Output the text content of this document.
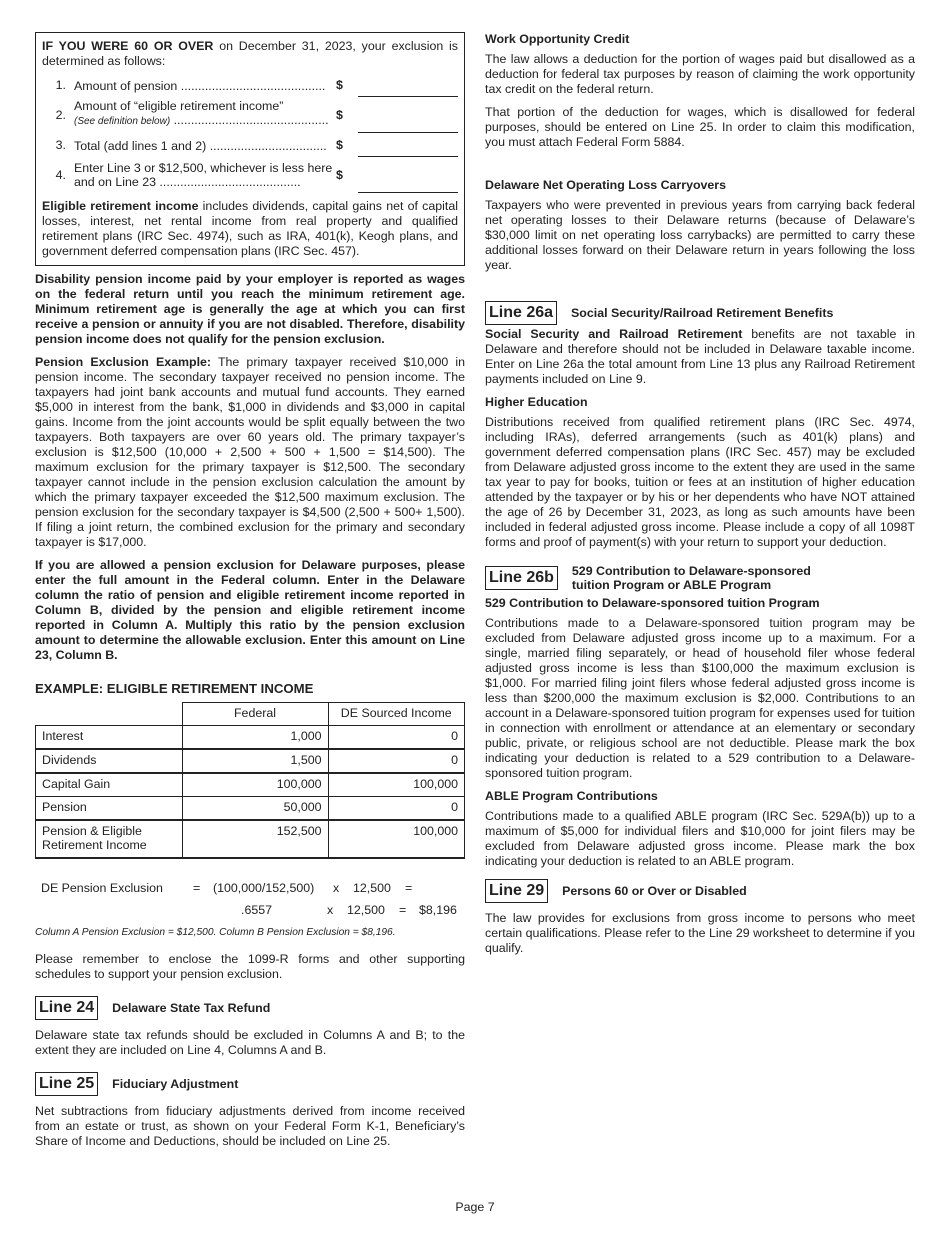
IF YOU WERE 60 OR OVER on December 31, 2023, your exclusion is determined as follows:

1. Amount of pension .......................................... $
2.
Amount of “eligible retirement income”
(See definition below) ............................................. $
3. Total (add lines 1 and 2) .................................. $
4. Enter Line 3 or $12,500, whichever is less here and on Line 23 .........................................	$

Eligible retirement income includes dividends, capital gains net of capital losses, interest, net rental income from real property and qualified retirement plans (IRC Sec. 4974), such as IRA, 401(k), Keogh plans, and government deferred compensation plans (IRC Sec. 457).

Disability pension income paid by your employer is reported as wages on the federal return until you reach the minimum retirement age. Minimum retirement age is generally the age at which you can first receive a pension or annuity if you are not disabled. Therefore, disability pension income does not qualify for the pension exclusion.

Pension Exclusion Example: The primary taxpayer received $10,000 in pension income. The secondary taxpayer received no pension income. The taxpayers had joint bank accounts and mutual fund accounts. They earned $5,000 in interest from the bank, $1,000 in dividends and $3,000 in capital gains. Income from the joint accounts would be split equally between the two taxpayers. Both taxpayers are over 60 years old. The primary taxpayer’s exclusion is $12,500 (10,000 + 2,500 + 500 + 1,500 = $14,500). The maximum exclusion for the primary taxpayer is $12,500. The secondary taxpayer cannot include in the pension exclusion calculation the amount by which the primary taxpayer exceeded the $12,500 maximum exclusion. The pension exclusion for the secondary taxpayer is $4,500 (2,500 + 500+ 1,500). If filing a joint return, the combined exclusion for the primary and secondary taxpayer is $17,000.

If you are allowed a pension exclusion for Delaware purposes, please enter the full amount in the Federal column. Enter in the Delaware column the ratio of pension and eligible retirement income reported in Column B, divided by the pension and eligible retirement income reported in Column A. Multiply this ratio by the pension exclusion amount to determine the allowable exclusion. Enter this amount on Line 23, Column B.

EXAMPLE: ELIGIBLE RETIREMENT INCOME
	Federal	DE Sourced Income
Interest	1,000	0
Dividends	1,500	0
Capital Gain	100,000	100,000
Pension	50,000	0
Pension & Eligible Retirement Income	152,500	100,000
DE Pension Exclusion	=	(100,000/152,500)	x	12,500	=
.6557	x	12,500	=	$8,196
Column A Pension Exclusion = $12,500. Column B Pension Exclusion = $8,196.

Please remember to enclose the 1099-R forms and other supporting schedules to support your pension exclusion.

Line 24	Delaware State Tax Refund

Delaware state tax refunds should be excluded in Columns A and B; to the extent they are included on Line 4, Columns A and B.

Line 25	Fiduciary Adjustment

Net subtractions from fiduciary adjustments derived from income received from an estate or trust, as shown on your Federal Form K-1, Beneficiary’s Share of Income and Deductions, should be included on Line 25.

Work Opportunity Credit

The law allows a deduction for the portion of wages paid but disallowed as a deduction for federal tax purposes by reason of claiming the work opportunity tax credit on the federal return.

That portion of the deduction for wages, which is disallowed for federal purposes, should be entered on Line 25. In order to claim this modification, you must attach Federal Form 5884.

Delaware Net Operating Loss Carryovers

Taxpayers who were prevented in previous years from carrying back federal net operating losses to their Delaware returns (because of Delaware’s $30,000 limit on net operating loss carrybacks) are permitted to carry these additional losses forward on their Delaware return in years following the loss year.

Line 26a	Social Security/Railroad Retirement Benefits

Social Security and Railroad Retirement benefits are not taxable in Delaware and therefore should not be included in Delaware taxable income. Enter on Line 26a the total amount from Line 13 plus any Railroad Retirement payments included on Line 9.

Higher Education

Distributions received from qualified retirement plans (IRC Sec. 4974, including IRAs), deferred arrangements (such as 401(k) plans) and government deferred compensation plans (IRC Sec. 457) may be excluded from Delaware adjusted gross income to the extent they are used in the same tax year to pay for books, tuition or fees at an institution of higher education attended by the taxpayer or by his or her dependents who have NOT attained the age of 26 by December 31, 2023, as long as such amounts have been included in federal adjusted gross income. Please include a copy of all 1098T forms and proof of payment(s) with your return to support your deduction.

Line 26b	529 Contribution to Delaware-sponsored
tuition Program or ABLE Program
529 Contribution to Delaware-sponsored tuition Program

Contributions made to a Delaware-sponsored tuition program may be excluded from Delaware adjusted gross income up to a maximum. For a single, married filing separately, or head of household filer whose federal adjusted gross income is less than $100,000 the maximum exclusion is $1,000. For married filing joint filers whose federal adjusted gross income is less than $200,000 the maximum exclusion is $2,000. Contributions to an account in a Delaware-sponsored tuition program for expenses used for tuition in connection with enrollment or attendance at an elementary or secondary public, private, or religious school are not deductible. Please mark the box indicating your deduction is related to a 529 contribution to a Delaware-sponsored tuition program.

ABLE Program Contributions

Contributions made to a qualified ABLE program (IRC Sec. 529A(b)) up to a maximum of $5,000 for individual filers and $10,000 for joint filers may be excluded from Delaware adjusted gross income. Please mark the box indicating your deduction is related to an ABLE program.

Line 29	Persons 60 or Over or Disabled

The law provides for exclusions from gross income to persons who meet certain qualifications. Please refer to the Line 29 worksheet to determine if you qualify.

Page 7
